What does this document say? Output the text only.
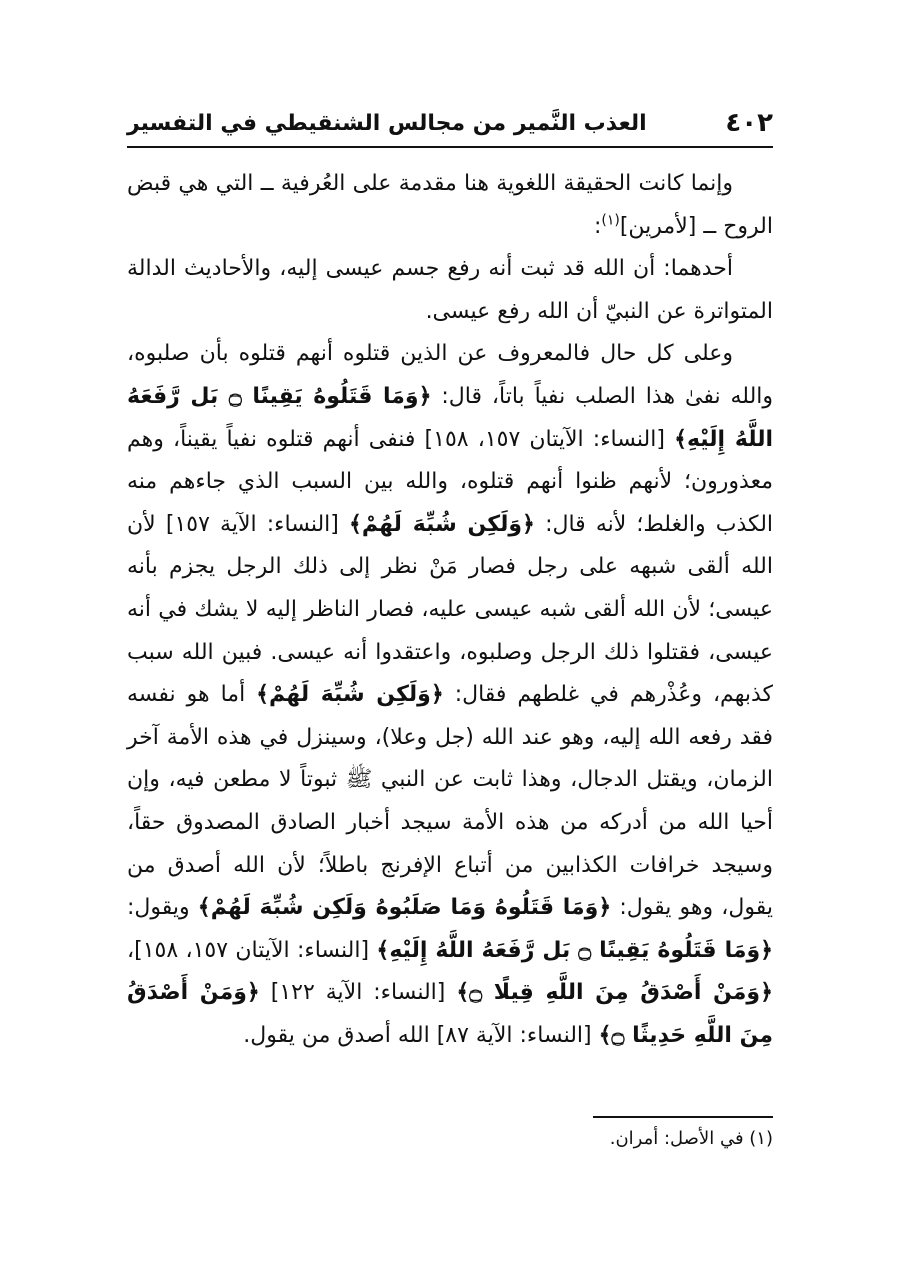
٤٠٢
العذب النَّمير من مجالس الشنقيطي في التفسير

وإنما كانت الحقيقة اللغوية هنا مقدمة على العُرفية ــ التي هي قبض الروح ــ [لأمرين]$^{(١)}$:

أحدهما: أن الله قد ثبت أنه رفع جسم عيسى إليه، والأحاديث الدالة المتواترة عن النبيّ أن الله رفع عيسى.

وعلى كل حال فالمعروف عن الذين قتلوه أنهم قتلوه بأن صلبوه، والله نفىٰ هذا الصلب نفياً باتاً، قال: ﴿وَمَا قَتَلُوهُ يَقِينًا ۝ بَل رَّفَعَهُ اللَّهُ إِلَيْهِ﴾ [النساء: الآيتان ١٥٧، ١٥٨] فنفى أنهم قتلوه نفياً يقيناً، وهم معذورون؛ لأنهم ظنوا أنهم قتلوه، والله بين السبب الذي جاءهم منه الكذب والغلط؛ لأنه قال: ﴿وَلَكِن شُبِّهَ لَهُمْ﴾ [النساء: الآية ١٥٧] لأن الله ألقى شبهه على رجل فصار مَنْ نظر إلى ذلك الرجل يجزم بأنه عيسى؛ لأن الله ألقى شبه عيسى عليه، فصار الناظر إليه لا يشك في أنه عيسى، فقتلوا ذلك الرجل وصلبوه، واعتقدوا أنه عيسى. فبين الله سبب كذبهم، وعُذْرهم في غلطهم فقال: ﴿وَلَكِن شُبِّهَ لَهُمْ﴾ أما هو نفسه فقد رفعه الله إليه، وهو عند الله (جل وعلا)، وسينزل في هذه الأمة آخر الزمان، ويقتل الدجال، وهذا ثابت عن النبي ﷺ ثبوتاً لا مطعن فيه، وإن أحيا الله من أدركه من هذه الأمة سيجد أخبار الصادق المصدوق حقاً، وسيجد خرافات الكذابين من أتباع الإفرنج باطلاً؛ لأن الله أصدق من يقول، وهو يقول: ﴿وَمَا قَتَلُوهُ وَمَا صَلَبُوهُ وَلَكِن شُبِّهَ لَهُمْ﴾ ويقول: ﴿وَمَا قَتَلُوهُ يَقِينًا ۝ بَل رَّفَعَهُ اللَّهُ إِلَيْهِ﴾ [النساء: الآيتان ١٥٧، ١٥٨]، ﴿وَمَنْ أَصْدَقُ مِنَ اللَّهِ قِيلًا ۝﴾ [النساء: الآية ١٢٢] ﴿وَمَنْ أَصْدَقُ مِنَ اللَّهِ حَدِيثًا ۝﴾ [النساء: الآية ٨٧] الله أصدق من يقول.

(١) في الأصل: أمران.
